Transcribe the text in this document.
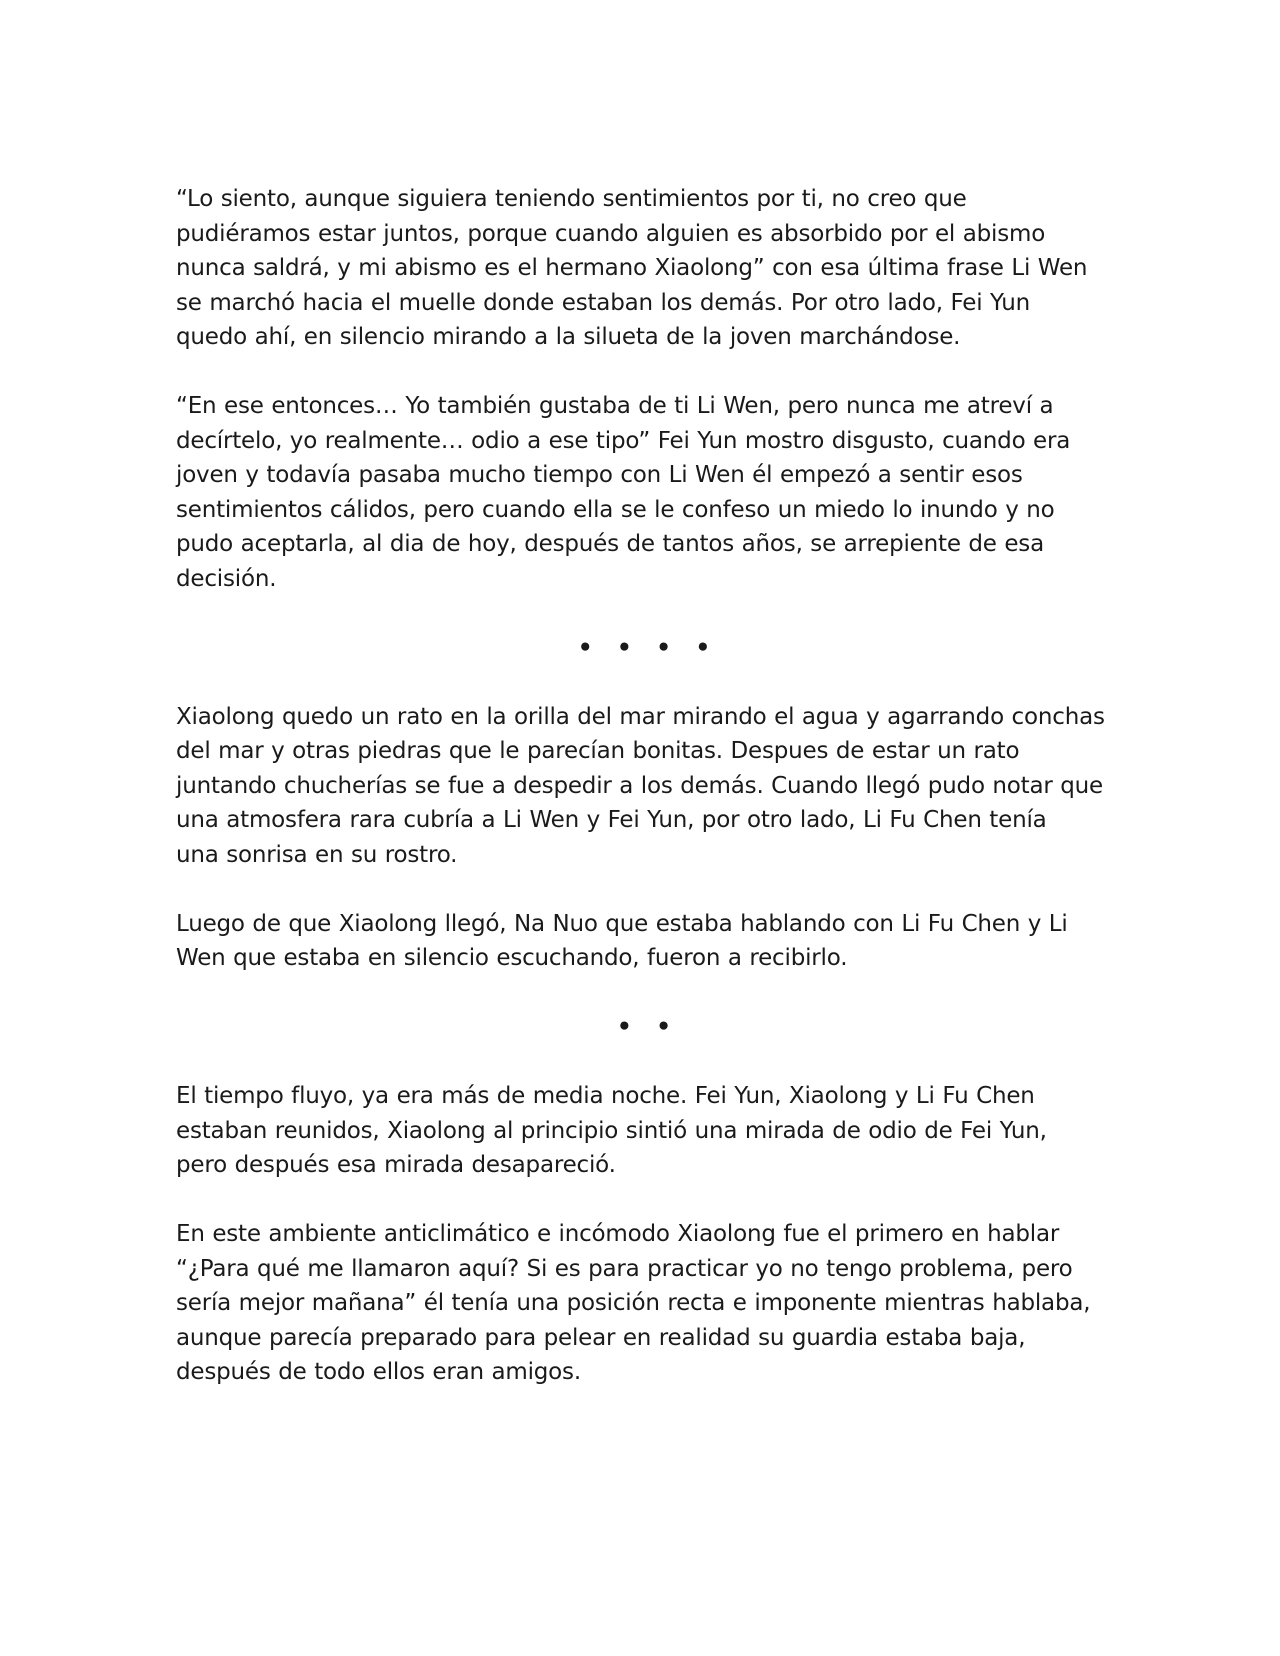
“Lo siento, aunque siguiera teniendo sentimientos por ti, no creo que
pudiéramos estar juntos, porque cuando alguien es absorbido por el abismo
nunca saldrá, y mi abismo es el hermano Xiaolong” con esa última frase Li Wen
se marchó hacia el muelle donde estaban los demás. Por otro lado, Fei Yun
quedo ahí, en silencio mirando a la silueta de la joven marchándose.

“En ese entonces… Yo también gustaba de ti Li Wen, pero nunca me atreví a
decírtelo, yo realmente… odio a ese tipo” Fei Yun mostro disgusto, cuando era
joven y todavía pasaba mucho tiempo con Li Wen él empezó a sentir esos
sentimientos cálidos, pero cuando ella se le confeso un miedo lo inundo y no
pudo aceptarla, al dia de hoy, después de tantos años, se arrepiente de esa
decisión.

• • • •

Xiaolong quedo un rato en la orilla del mar mirando el agua y agarrando conchas
del mar y otras piedras que le parecían bonitas. Despues de estar un rato
juntando chucherías se fue a despedir a los demás. Cuando llegó pudo notar que
una atmosfera rara cubría a Li Wen y Fei Yun, por otro lado, Li Fu Chen tenía
una sonrisa en su rostro.

Luego de que Xiaolong llegó, Na Nuo que estaba hablando con Li Fu Chen y Li
Wen que estaba en silencio escuchando, fueron a recibirlo.

• •

El tiempo fluyo, ya era más de media noche. Fei Yun, Xiaolong y Li Fu Chen
estaban reunidos, Xiaolong al principio sintió una mirada de odio de Fei Yun,
pero después esa mirada desapareció.

En este ambiente anticlimático e incómodo Xiaolong fue el primero en hablar
“¿Para qué me llamaron aquí? Si es para practicar yo no tengo problema, pero
sería mejor mañana” él tenía una posición recta e imponente mientras hablaba,
aunque parecía preparado para pelear en realidad su guardia estaba baja,
después de todo ellos eran amigos.
